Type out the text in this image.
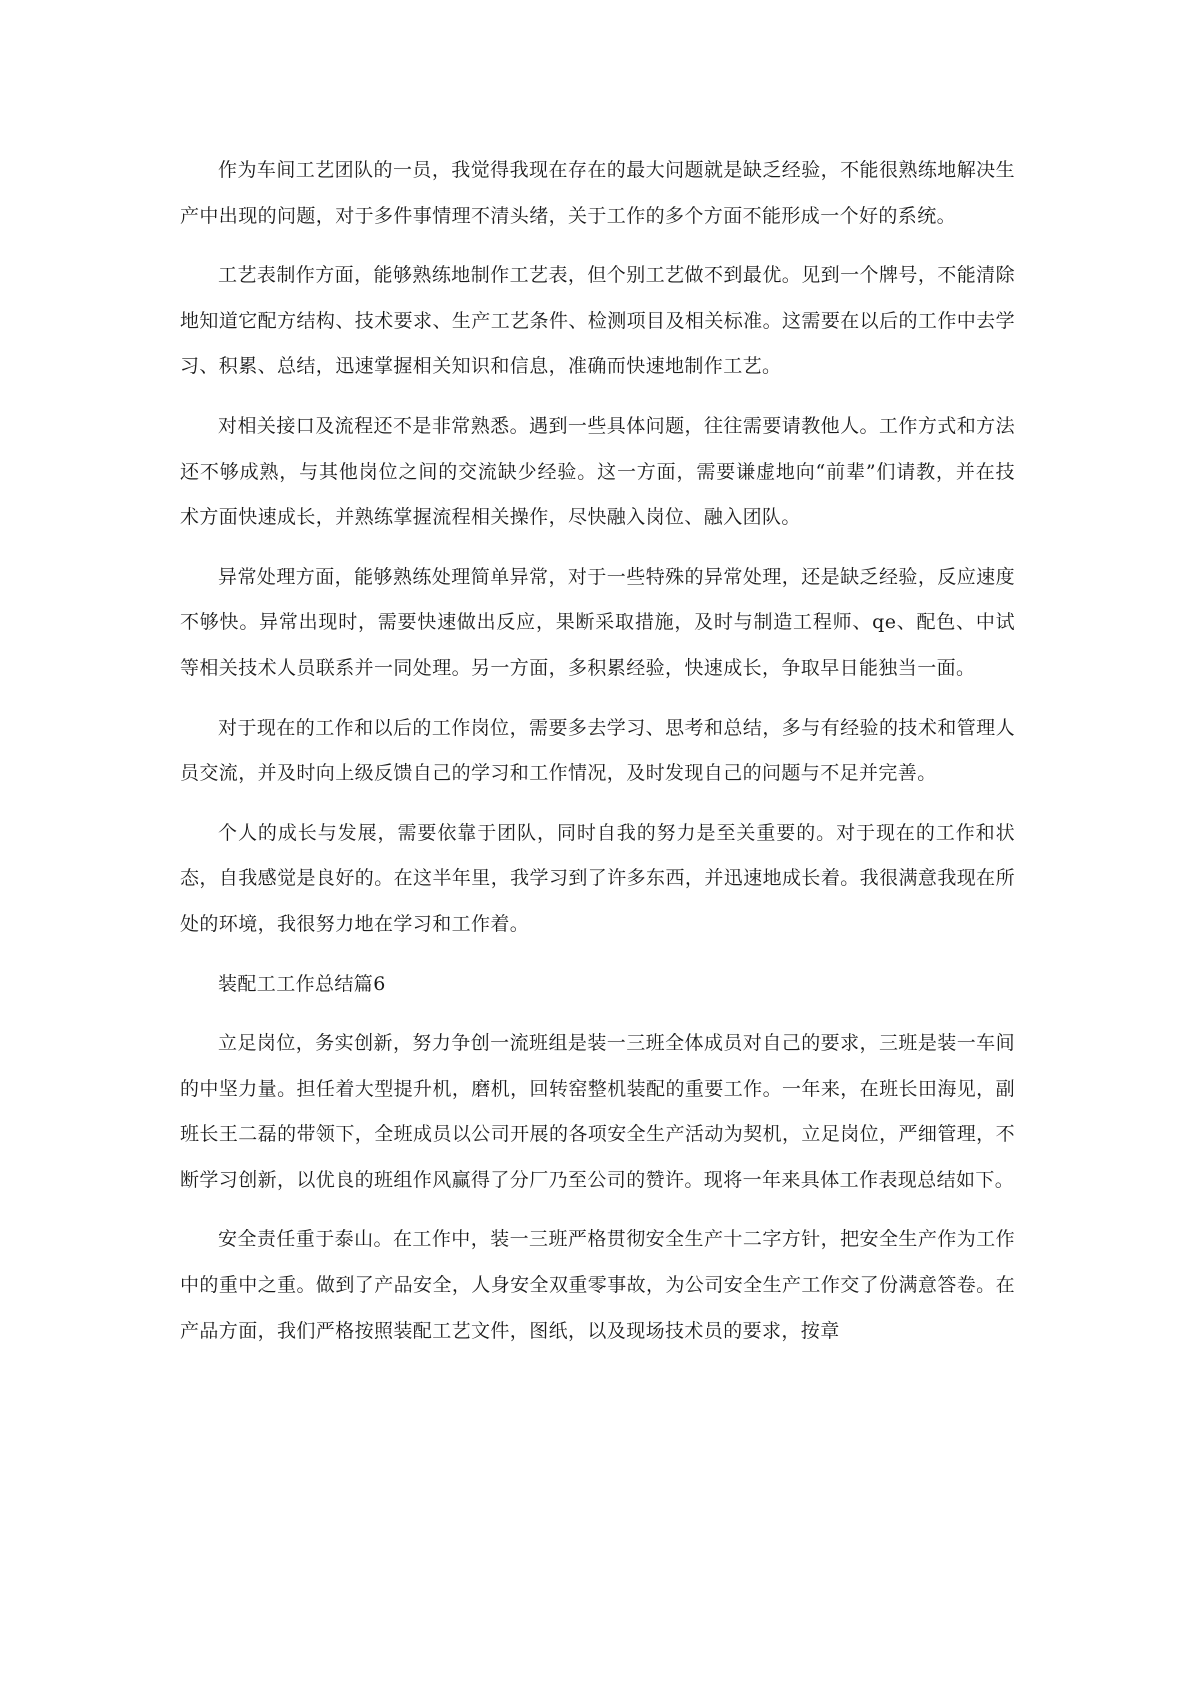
作为车间工艺团队的一员，我觉得我现在存在的最大问题就是缺乏经验，不能很熟练地解决生产中出现的问题，对于多件事情理不清头绪，关于工作的多个方面不能形成一个好的系统。

工艺表制作方面，能够熟练地制作工艺表，但个别工艺做不到最优。见到一个牌号，不能清除地知道它配方结构、技术要求、生产工艺条件、检测项目及相关标准。这需要在以后的工作中去学习、积累、总结，迅速掌握相关知识和信息，准确而快速地制作工艺。

对相关接口及流程还不是非常熟悉。遇到一些具体问题，往往需要请教他人。工作方式和方法还不够成熟，与其他岗位之间的交流缺少经验。这一方面，需要谦虚地向“前辈”们请教，并在技术方面快速成长，并熟练掌握流程相关操作，尽快融入岗位、融入团队。

异常处理方面，能够熟练处理简单异常，对于一些特殊的异常处理，还是缺乏经验，反应速度不够快。异常出现时，需要快速做出反应，果断采取措施，及时与制造工程师、qe、配色、中试等相关技术人员联系并一同处理。另一方面，多积累经验，快速成长，争取早日能独当一面。

对于现在的工作和以后的工作岗位，需要多去学习、思考和总结，多与有经验的技术和管理人员交流，并及时向上级反馈自己的学习和工作情况，及时发现自己的问题与不足并完善。

个人的成长与发展，需要依靠于团队，同时自我的努力是至关重要的。对于现在的工作和状态，自我感觉是良好的。在这半年里，我学习到了许多东西，并迅速地成长着。我很满意我现在所处的环境，我很努力地在学习和工作着。

装配工工作总结篇6

立足岗位，务实创新，努力争创一流班组是装一三班全体成员对自己的要求，三班是装一车间的中坚力量。担任着大型提升机，磨机，回转窑整机装配的重要工作。一年来，在班长田海见，副班长王二磊的带领下，全班成员以公司开展的各项安全生产活动为契机，立足岗位，严细管理，不断学习创新，以优良的班组作风赢得了分厂乃至公司的赞许。现将一年来具体工作表现总结如下。

安全责任重于泰山。在工作中，装一三班严格贯彻安全生产十二字方针，把安全生产作为工作中的重中之重。做到了产品安全，人身安全双重零事故，为公司安全生产工作交了份满意答卷。在产品方面，我们严格按照装配工艺文件，图纸，以及现场技术员的要求，按章
